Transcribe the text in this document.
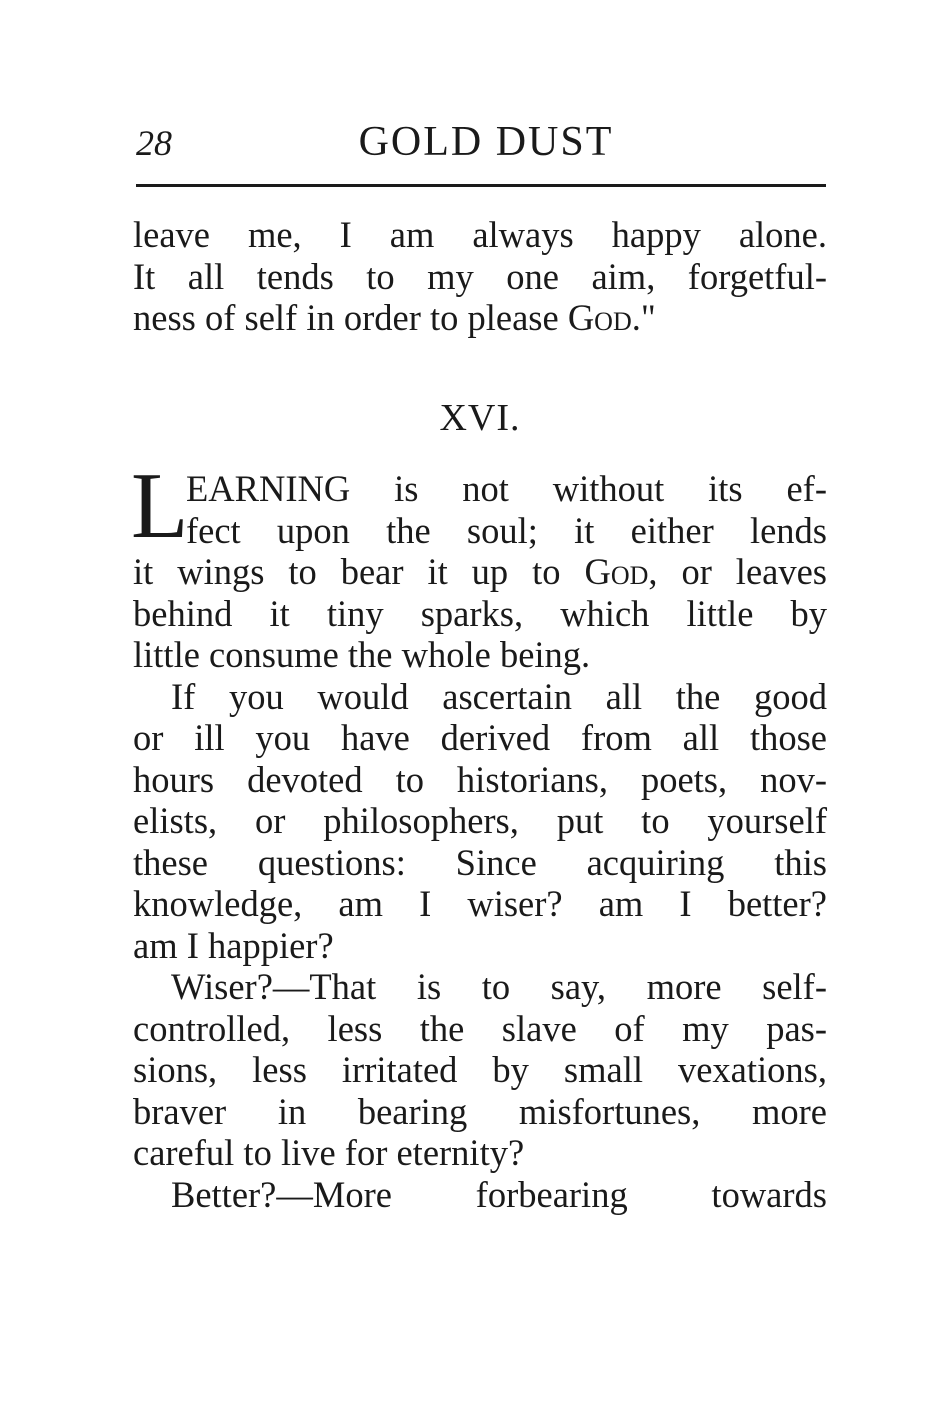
28	GOLD DUST
leave me, I am always happy alone.
It all tends to my one aim, forgetful-
ness of self in order to please God."
XVI.
L
EARNING is not without its ef-
fect upon the soul; it either lends
it wings to bear it up to God, or leaves
behind it tiny sparks, which little by
little consume the whole being.
If you would ascertain all the good
or ill you have derived from all those
hours devoted to historians, poets, nov-
elists, or philosophers, put to yourself
these questions: Since acquiring this
knowledge, am I wiser? am I better?
am I happier?
Wiser?—That is to say, more self-
controlled, less the slave of my pas-
sions, less irritated by small vexations,
braver in bearing misfortunes, more
careful to live for eternity?
Better?—More forbearing towards
